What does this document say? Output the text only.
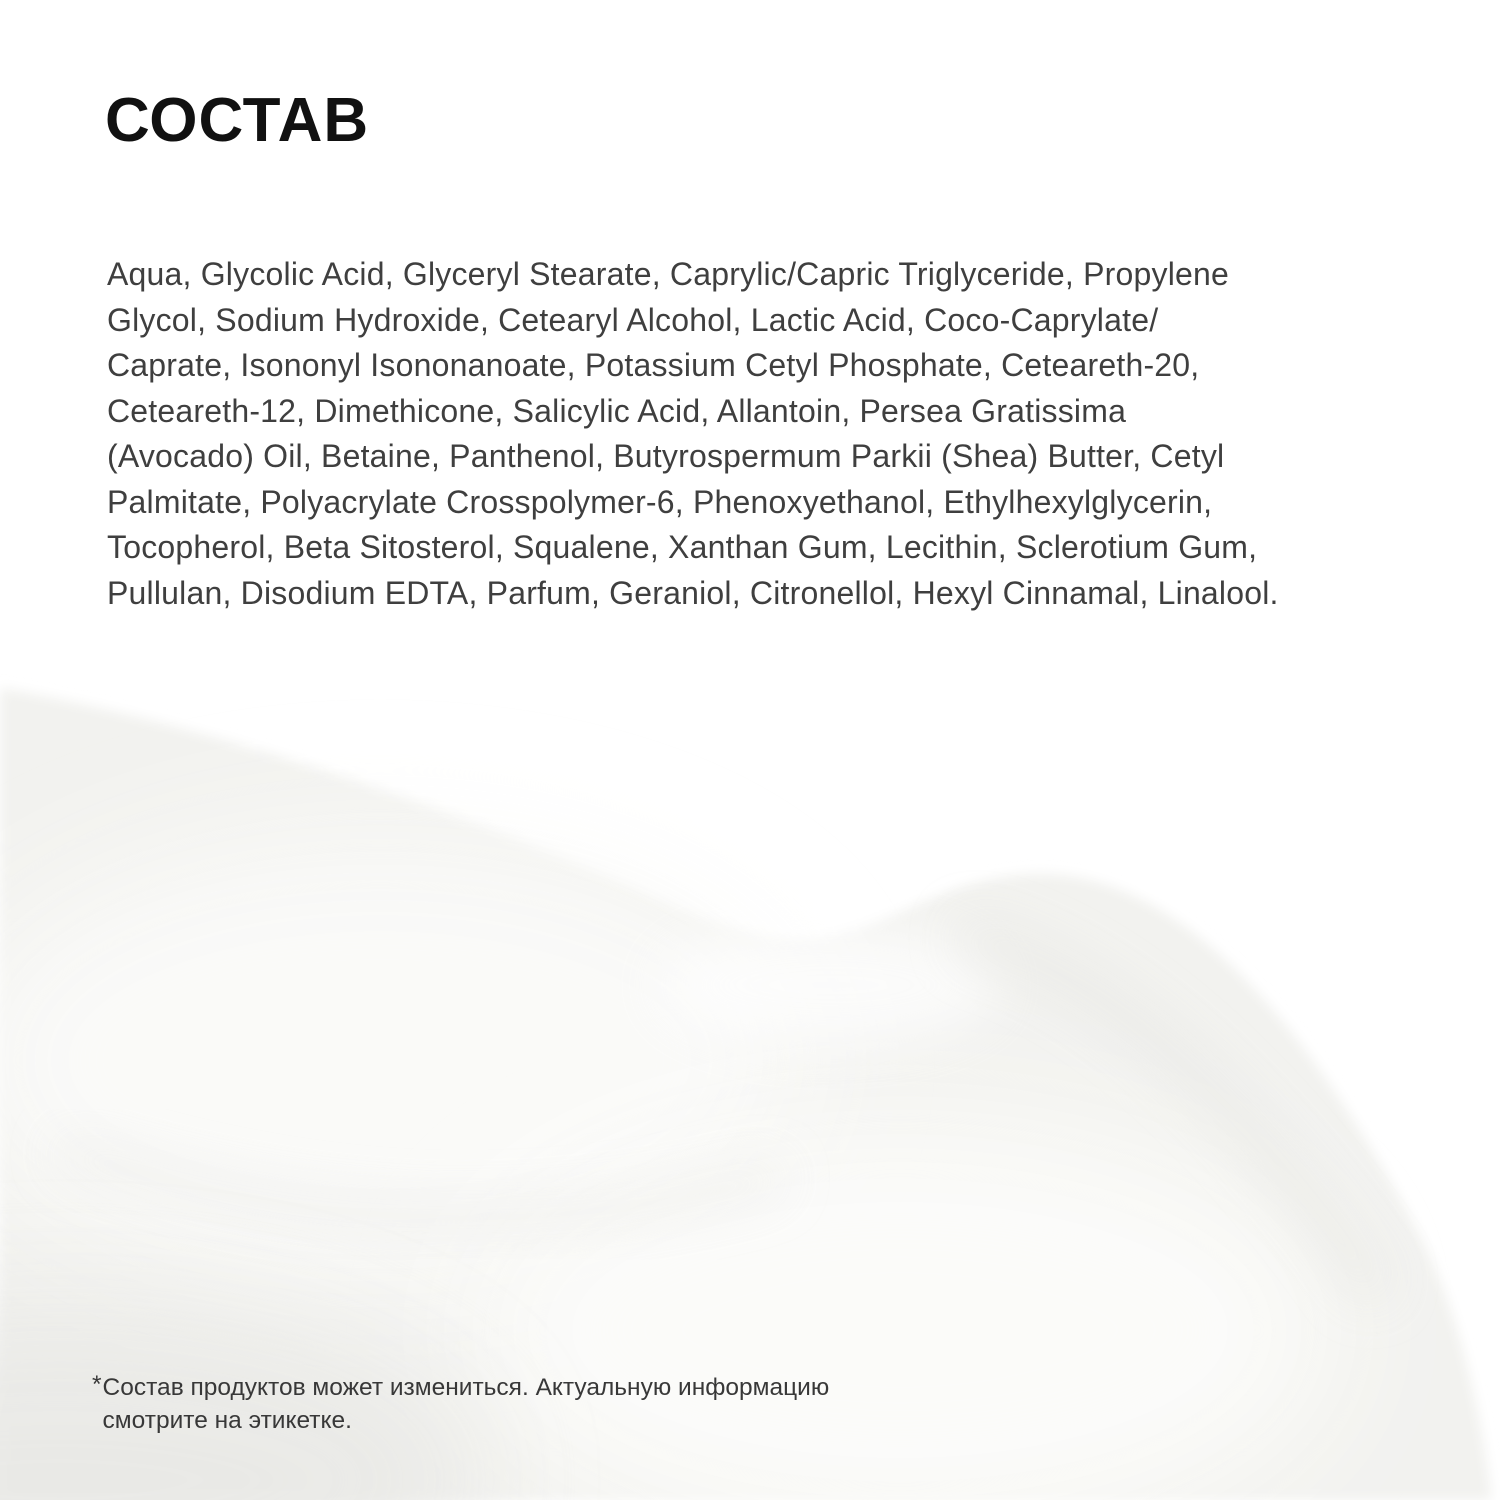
СОСТАВ
Aqua, Glycolic Acid, Glyceryl Stearate, Caprylic/Capric Triglyceride, Propylene
Glycol, Sodium Hydroxide, Cetearyl Alcohol, Lactic Acid, Coco-Caprylate/
Caprate, Isononyl Isononanoate, Potassium Cetyl Phosphate, Ceteareth-20,
Ceteareth-12, Dimethicone, Salicylic Acid, Allantoin, Persea Gratissima
(Avocado) Oil, Betaine, Panthenol, Butyrospermum Parkii (Shea) Butter, Cetyl
Palmitate, Polyacrylate Crosspolymer-6, Phenoxyethanol, Ethylhexylglycerin,
Tocopherol, Beta Sitosterol, Squalene, Xanthan Gum, Lecithin, Sclerotium Gum,
Pullulan, Disodium EDTA, Parfum, Geraniol, Citronellol, Hexyl Cinnamal, Linalool.
* Состав продуктов может измениться. Актуальную информацию
смотрите на этикетке.
